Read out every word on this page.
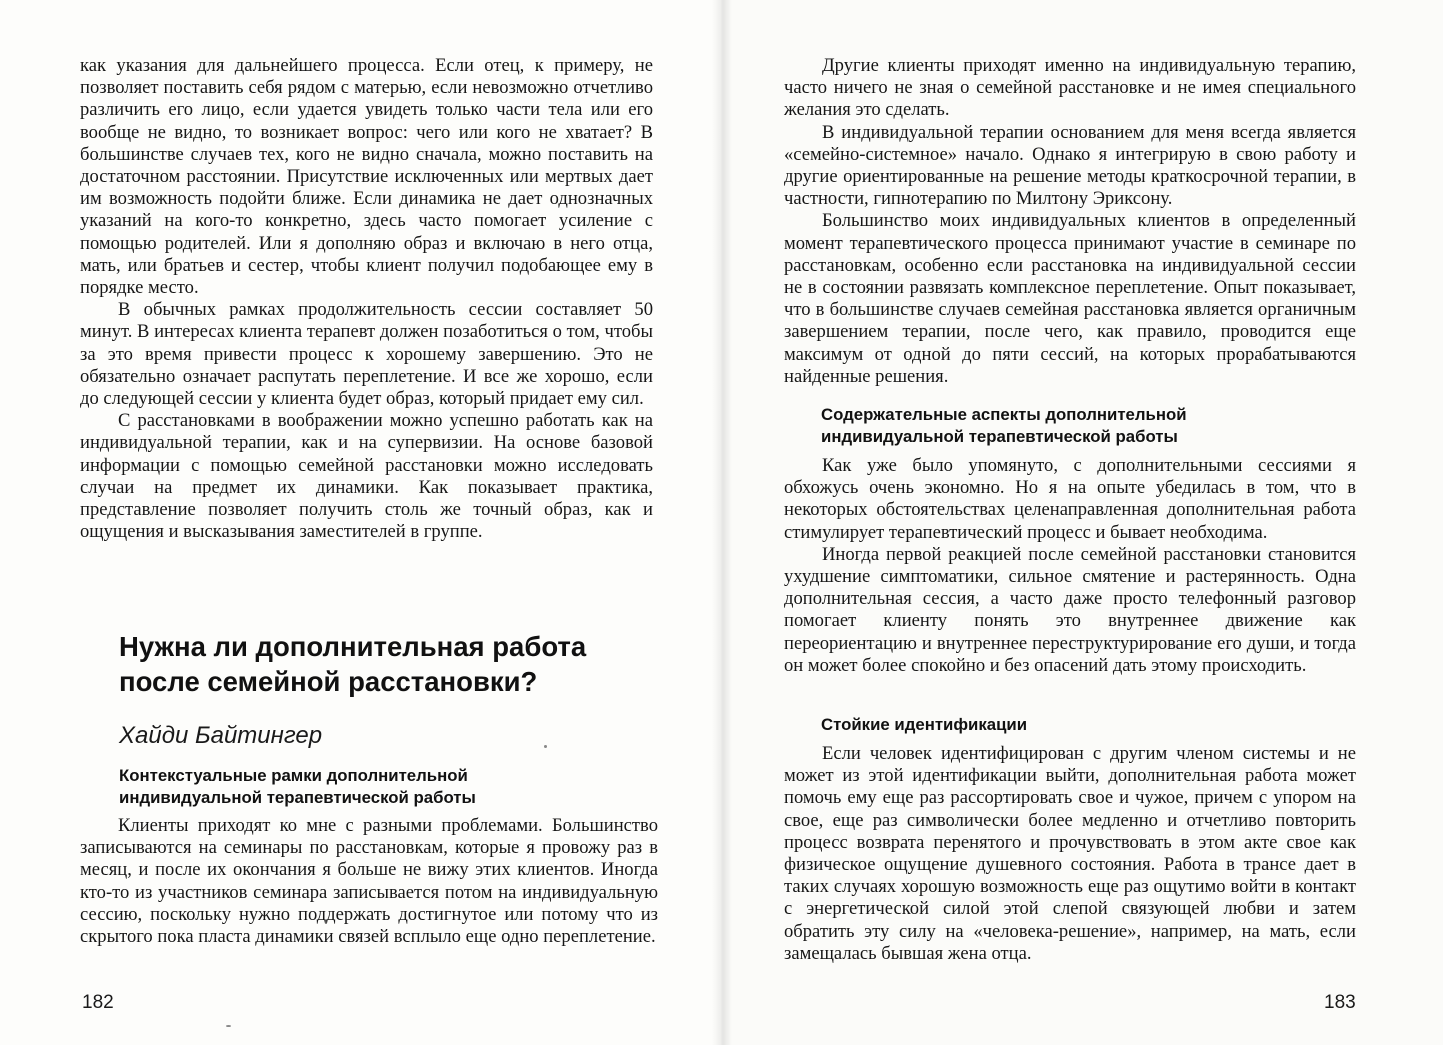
как указания для дальнейшего процесса. Если отец, к примеру, не позволяет поставить себя рядом с матерью, если невозможно отчетливо различить его лицо, если удается увидеть только части тела или его вообще не видно, то возникает вопрос: чего или кого не хватает? В большинстве случаев тех, кого не видно сначала, можно поставить на достаточном расстоянии. Присутствие исключенных или мертвых дает им возможность подойти ближе. Если динамика не дает однозначных указаний на кого-то конкретно, здесь часто помогает усиление с помощью родителей. Или я дополняю образ и включаю в него отца, мать, или братьев и сестер, чтобы клиент получил подобающее ему в порядке место.

В обычных рамках продолжительность сессии составляет 50 минут. В интересах клиента терапевт должен позаботиться о том, чтобы за это время привести процесс к хорошему завершению. Это не обязательно означает распутать переплетение. И все же хорошо, если до следующей сессии у клиента будет образ, который придает ему сил.

С расстановками в воображении можно успешно работать как на индивидуальной терапии, как и на супервизии. На основе базовой информации с помощью семейной расстановки можно исследовать случаи на предмет их динамики. Как показывает практика, представление позволяет получить столь же точный образ, как и ощущения и высказывания заместителей в группе.

Нужна ли дополнительная работа
после семейной расстановки?
Хайди Байтингер
Контекстуальные рамки дополнительной
индивидуальной терапевтической работы

Клиенты приходят ко мне с разными проблемами. Большинство записываются на семинары по расстановкам, которые я провожу раз в месяц, и после их окончания я больше не вижу этих клиентов. Иногда кто-то из участников семинара записывается потом на индивидуальную сессию, поскольку нужно поддержать достигнутое или потому что из скрытого пока пласта динамики связей всплыло еще одно переплетение.

182

Другие клиенты приходят именно на индивидуальную терапию, часто ничего не зная о семейной расстановке и не имея специального желания это сделать.

В индивидуальной терапии основанием для меня всегда является «семейно-системное» начало. Однако я интегрирую в свою работу и другие ориентированные на решение методы краткосрочной терапии, в частности, гипнотерапию по Милтону Эриксону.

Большинство моих индивидуальных клиентов в определенный момент терапевтического процесса принимают участие в семинаре по расстановкам, особенно если расстановка на индивидуальной сессии не в состоянии развязать комплексное переплетение. Опыт показывает, что в большинстве случаев семейная расстановка является органичным завершением терапии, после чего, как правило, проводится еще максимум от одной до пяти сессий, на которых прорабатываются найденные решения.

Содержательные аспекты дополнительной
индивидуальной терапевтической работы

Как уже было упомянуто, с дополнительными сессиями я обхожусь очень экономно. Но я на опыте убедилась в том, что в некоторых обстоятельствах целенаправленная дополнительная работа стимулирует терапевтический процесс и бывает необходима.

Иногда первой реакцией после семейной расстановки становится ухудшение симптоматики, сильное смятение и растерянность. Одна дополнительная сессия, а часто даже просто телефонный разговор помогает клиенту понять это внутреннее движение как переориентацию и внутреннее переструктурирование его души, и тогда он может более спокойно и без опасений дать этому происходить.

Стойкие идентификации

Если человек идентифицирован с другим членом системы и не может из этой идентификации выйти, дополнительная работа может помочь ему еще раз рассортировать свое и чужое, причем с упором на свое, еще раз символически более медленно и отчетливо повторить процесс возврата перенятого и прочувствовать в этом акте свое как физическое ощущение душевного состояния. Работа в трансе дает в таких случаях хорошую возможность еще раз ощутимо войти в контакт с энергетической силой этой слепой связующей любви и затем обратить эту силу на «человека-решение», например, на мать, если замещалась бывшая жена отца.

183
